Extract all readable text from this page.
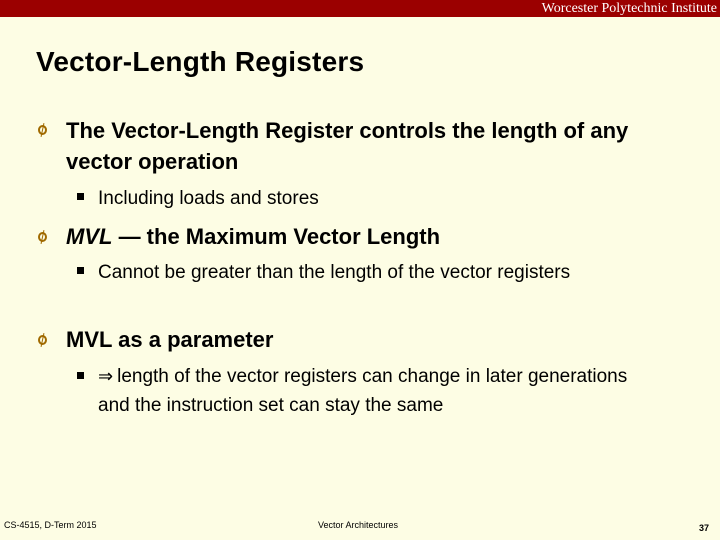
Worcester Polytechnic Institute
Vector-Length Registers
The Vector-Length Register controls the length of any vector operation
Including loads and stores
MVL — the Maximum Vector Length
Cannot be greater than the length of the vector registers
MVL as a parameter
⇒ length of the vector registers can change in later generations and the instruction set can stay the same
CS-4515, D-Term 2015	Vector Architectures	37
